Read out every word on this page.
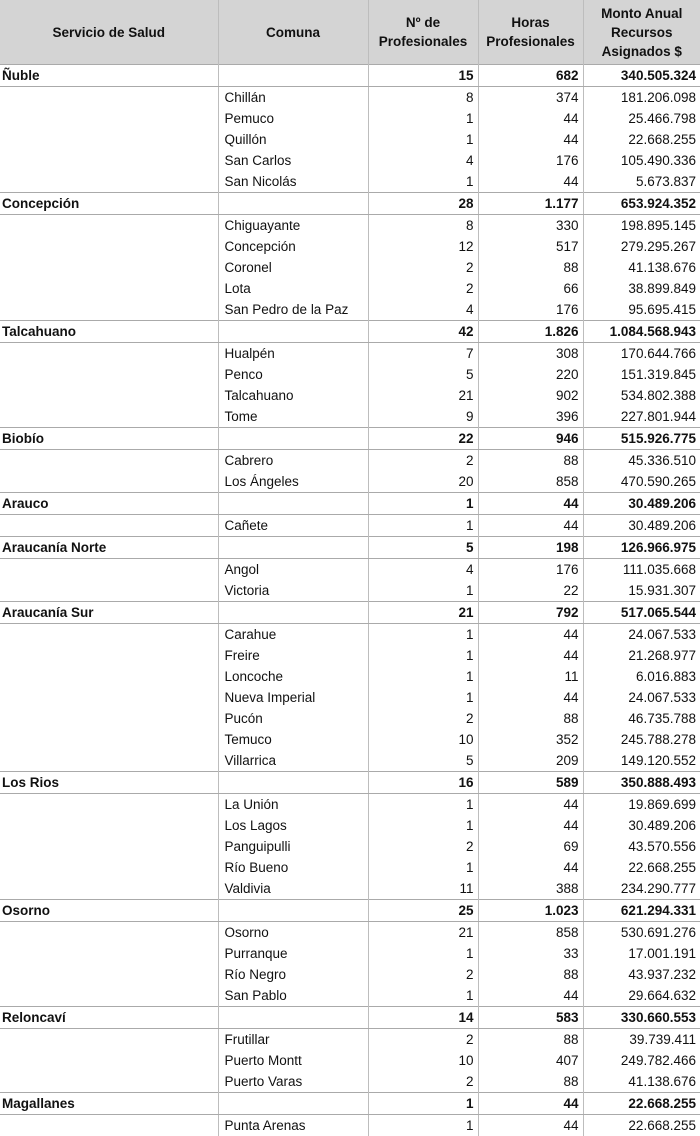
Servicio de Salud	Comuna	Nº de Profesionales	Horas Profesionales	Monto Anual Recursos Asignados $
Ñuble		15	682	340.505.324
	Chillán	8	374	181.206.098
	Pemuco	1	44	25.466.798
	Quillón	1	44	22.668.255
	San Carlos	4	176	105.490.336
	San Nicolás	1	44	5.673.837
Concepción		28	1.177	653.924.352
	Chiguayante	8	330	198.895.145
	Concepción	12	517	279.295.267
	Coronel	2	88	41.138.676
	Lota	2	66	38.899.849
	San Pedro de la Paz	4	176	95.695.415
Talcahuano		42	1.826	1.084.568.943
	Hualpén	7	308	170.644.766
	Penco	5	220	151.319.845
	Talcahuano	21	902	534.802.388
	Tome	9	396	227.801.944
Biobío		22	946	515.926.775
	Cabrero	2	88	45.336.510
	Los Ángeles	20	858	470.590.265
Arauco		1	44	30.489.206
	Cañete	1	44	30.489.206
Araucanía Norte		5	198	126.966.975
	Angol	4	176	111.035.668
	Victoria	1	22	15.931.307
Araucanía Sur		21	792	517.065.544
	Carahue	1	44	24.067.533
	Freire	1	44	21.268.977
	Loncoche	1	11	6.016.883
	Nueva Imperial	1	44	24.067.533
	Pucón	2	88	46.735.788
	Temuco	10	352	245.788.278
	Villarrica	5	209	149.120.552
Los Rios		16	589	350.888.493
	La Unión	1	44	19.869.699
	Los Lagos	1	44	30.489.206
	Panguipulli	2	69	43.570.556
	Río Bueno	1	44	22.668.255
	Valdivia	11	388	234.290.777
Osorno		25	1.023	621.294.331
	Osorno	21	858	530.691.276
	Purranque	1	33	17.001.191
	Río Negro	2	88	43.937.232
	San Pablo	1	44	29.664.632
Reloncaví		14	583	330.660.553
	Frutillar	2	88	39.739.411
	Puerto Montt	10	407	249.782.466
	Puerto Varas	2	88	41.138.676
Magallanes		1	44	22.668.255
	Punta Arenas	1	44	22.668.255
